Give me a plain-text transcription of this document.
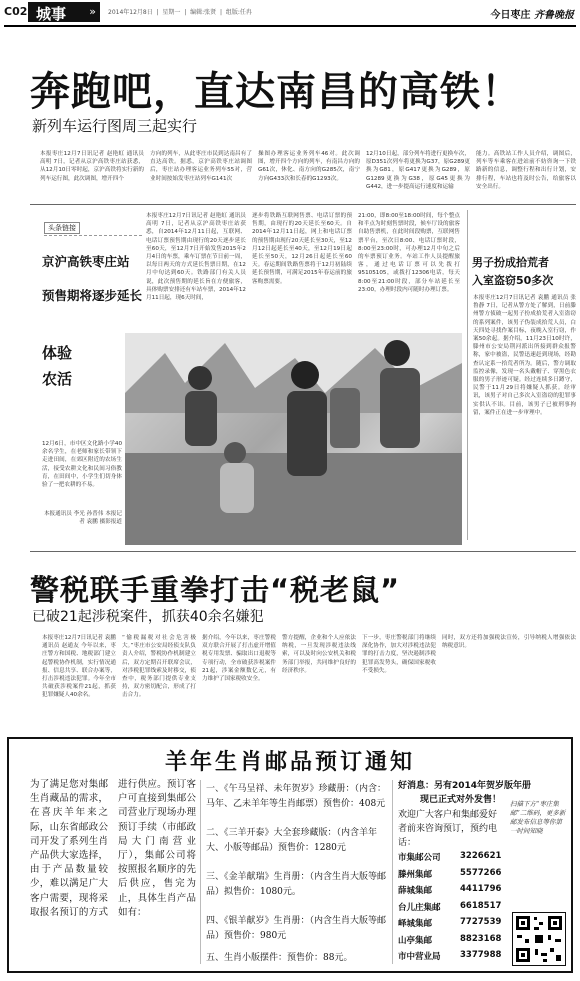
C02 城事 » 2014年12月8日  |  星期一  |  编辑:张贤  |  组版:任冉	今日枣庄 齐鲁晚报
奔跑吧，直达南昌的高铁！
新列车运行图周三起实行
本报枣庄12月7日讯记者 赵艳虹 通讯员 高明 7日，记者从京沪高铁枣庄站获悉，从12月10日零时起，京沪高铁将实行新的列车运行图，此次调图，增开四个
方向的列车，从此枣庄市民到达南昌有了直达高铁。据悉，京沪高铁枣庄站调图后，枣庄站办理客运业务列车55对，营业时间按始发枣庄站列车G141次
操图办理客运业务列车46对。此次调图，增开四个方向的列车，有南昌方向的G61次，休化、南方向的G285次，南宁方向G433次和长春的G1293次。
12月10日起，部分列车将进行更换车次，原D351次列车将更换为G37，原G289更换为G81，原G417更换为G289，原G1289更换为G38，原G45更换为G442，进一步提高运行速度和运输
能力。高铁站工作人员介绍，调图后，列车等车乘客在进站前不妨咨询一下铁路新的信息，调整行程和出行计划，安排行程，车站也将及时公告，给旅客以安全出行。
头条链接
京沪高铁枣庄站
预售期将逐步延长
本报枣庄12月7日讯记者 赵艳虹 通讯员 高明 7日，记者从京沪高铁枣庄站获悉，自2014年12月11日起，互联网、电话订票预售期由现行的20天逐步延长至60天，至12月7日开始发售2015年2月4日的车票，乘车订票在节日前一周，以每日两天的方式延长售票日期，在12月中旬达到60天。铁路部门有关人员说，此次预售期的延长旨在方便旅客，具体购票安排还有车站车票，2014年12月11日起，现6天时间，
逐步将铁路互联网售票、电话订票的预售期，由现行的20天延长至60天。自2014年12月11日起，网上和电话订票的预售期由现行20天延长至30天，至12月12日起延长至40天，至12月19日起延长至50天，12月26日起延长至60天。春运期间铁路售票将于12月初陆续延长预售期，可满足2015年春运前的旅客购票需要。
21:00，即8:00至18:00时间，每个整点和半点为时刻售票时段，候车厅设的旅客自助售票机，在此时间段购票，互联网售票平台，至次日8:00、电话订票时段，8:00至23:00时，可办理12月中旬之后的车票预订业务。车站工作人员提醒旅客，通过电话订票可以先拨打95105105，或拨打12306电话，每天8:00至21:00时段，部分车站延长至23:00，办理时段内可随时办理订票。
男子扮成拾荒者
入室盗窃50多次
本报枣庄12月7日讯记者 袁鹏 通讯员 张鲁静 7日，记者从警方处了解到，日前滕州警方侦破一起男子扮成拾荒者入室盗窃的系列案件，该男子伪装成拾荒人员，白天四处寻找作案目标，夜晚入室行窃，作案50余起。据介绍，11月23日10时许，滕州市公安局荆河派出所接到群众报警称，家中被盗，民警迅速赶到现场，经勘查认定系一拾荒者所为。随后，警方调取监控录像，发现一名头戴帽子、穿黑色衣服的男子形迹可疑。经过连续多日蹲守，民警于11月29日将嫌疑人抓获。经审讯，该男子对自己多次入室盗窃的犯罪事实供认不讳。目前，该男子已被刑事拘留，案件正在进一步审理中。
体验
农活
12月6日，市中区文化路小学40余名学生，在老师和家长带领下走进田间，在郊区附近的农场生活，接受农耕文化和民间习俗教育，在田间中，小学生们切身体验了一把农耕的不易。
本报通讯员 李光 孙普伟 本报记者 袁鹏 摄影报道
警税联手重拳打击“税老鼠”
已破21起涉税案件，抓获40余名嫌犯
本报枣庄12月7日讯记者 袁鹏 通讯员 赵通友 今年以来，枣庄警方和国税、地税部门建立起警税协作机制，实行情况通报、信息共享、联合办案等，打击涉税违法犯罪。今年全市共破获涉税案件21起，抓获犯罪嫌疑人40余名。
“偷税漏税对社会危害极大。”枣庄市公安局经侦支队负责人介绍，警税协作机制建立后，双方定期召开联席会议，对涉税犯罪线索及时移交，侦查中，税务部门提供专业支持，双方密切配合，形成了打击合力。
据介绍，今年以来，枣庄警税双方联合开展了打击虚开增值税专用发票、骗取出口退税等专项行动，全市破获涉税案件21起，涉案金额数亿元，有力维护了国家税收安全。
警方提醒，企业和个人应依法纳税，一旦发现涉税违法线索，可以及时向公安机关和税务部门举报，共同维护良好的经济秩序。
下一步，枣庄警税部门将继续深化协作，加大对涉税违法犯罪的打击力度，坚决遏制涉税犯罪高发势头，确保国家税收不受损失。
同时，双方还将加强税法宣传，引导纳税人增强依法纳税意识。
羊年生肖邮品预订通知
为了满足您对集邮生肖藏品的需求，在喜庆羊年来之际，山东省邮政公司开发了系列生肖产品供大家选择，由于产品数量较少，难以满足广大客户需要，现将采取报名预订的方式进行供应。预订客户可直接到集邮公司营业厅现场办理预订手续（市邮政局大门南营业厅），集邮公司将按照报名顺序的先后供应，售完为止，具体生肖产品如有：
一、《午马呈祥、未年贺岁》珍藏册：（内含：马年、乙未羊年等生肖邮票）预售价：408元
二、《三羊开泰》大全套珍藏版：（内含羊年大、小版等邮品）预售价：1280元
三、《金羊献瑞》生肖册：（内含生肖大版等邮品）拟售价：1080元。
四、《银羊献岁》生肖册：（内含生肖大版等邮品）预售价：980元
五、生肖小版摆件：预售价：88元。
好消息：另有2014年贺岁版年册
现已正式对外发售！
欢迎广大客户和集邮爱好者前来咨询预订，预约电话：
市集邮公司 3226621
滕州集邮	5577266
薛城集邮	4411796
台儿庄集邮 6618517
峄城集邮	7727539
山亭集邮	8823168
市中营业局 3377988
扫描下方“枣庄集邮”二维码，更多新邮发布信息等你第一时间知晓
